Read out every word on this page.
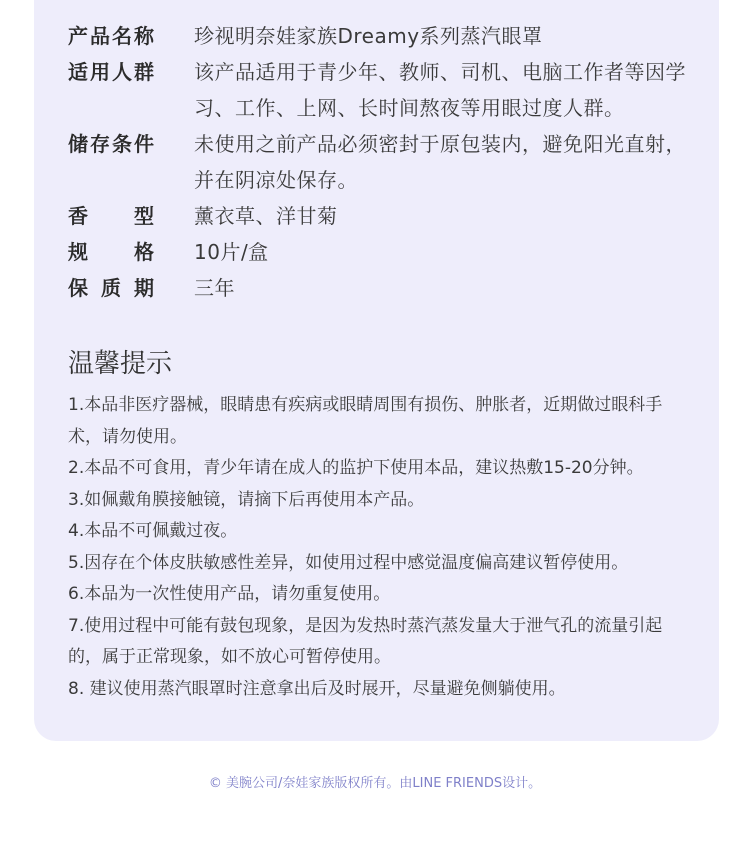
产品名称 珍视明奈娃家族Dreamy系列蒸汽眼罩
适用人群 该产品适用于青少年、教师、司机、电脑工作者等因学习、工作、上网、长时间熬夜等用眼过度人群。
储存条件 未使用之前产品必须密封于原包装内，避免阳光直射，并在阴凉处保存。
香型 薰衣草、洋甘菊
规格 10片/盒
保质期 三年
温馨提示
1.本品非医疗器械，眼睛患有疾病或眼睛周围有损伤、肿胀者，近期做过眼科手术，请勿使用。
2.本品不可食用，青少年请在成人的监护下使用本品，建议热敷15-20分钟。
3.如佩戴角膜接触镜，请摘下后再使用本产品。
4.本品不可佩戴过夜。
5.因存在个体皮肤敏感性差异，如使用过程中感觉温度偏高建议暂停使用。
6.本品为一次性使用产品，请勿重复使用。
7.使用过程中可能有鼓包现象，是因为发热时蒸汽蒸发量大于泄气孔的流量引起的，属于正常现象，如不放心可暂停使用。
8. 建议使用蒸汽眼罩时注意拿出后及时展开，尽量避免侧躺使用。
© 美腕公司/奈娃家族版权所有。由LINE FRIENDS设计。
